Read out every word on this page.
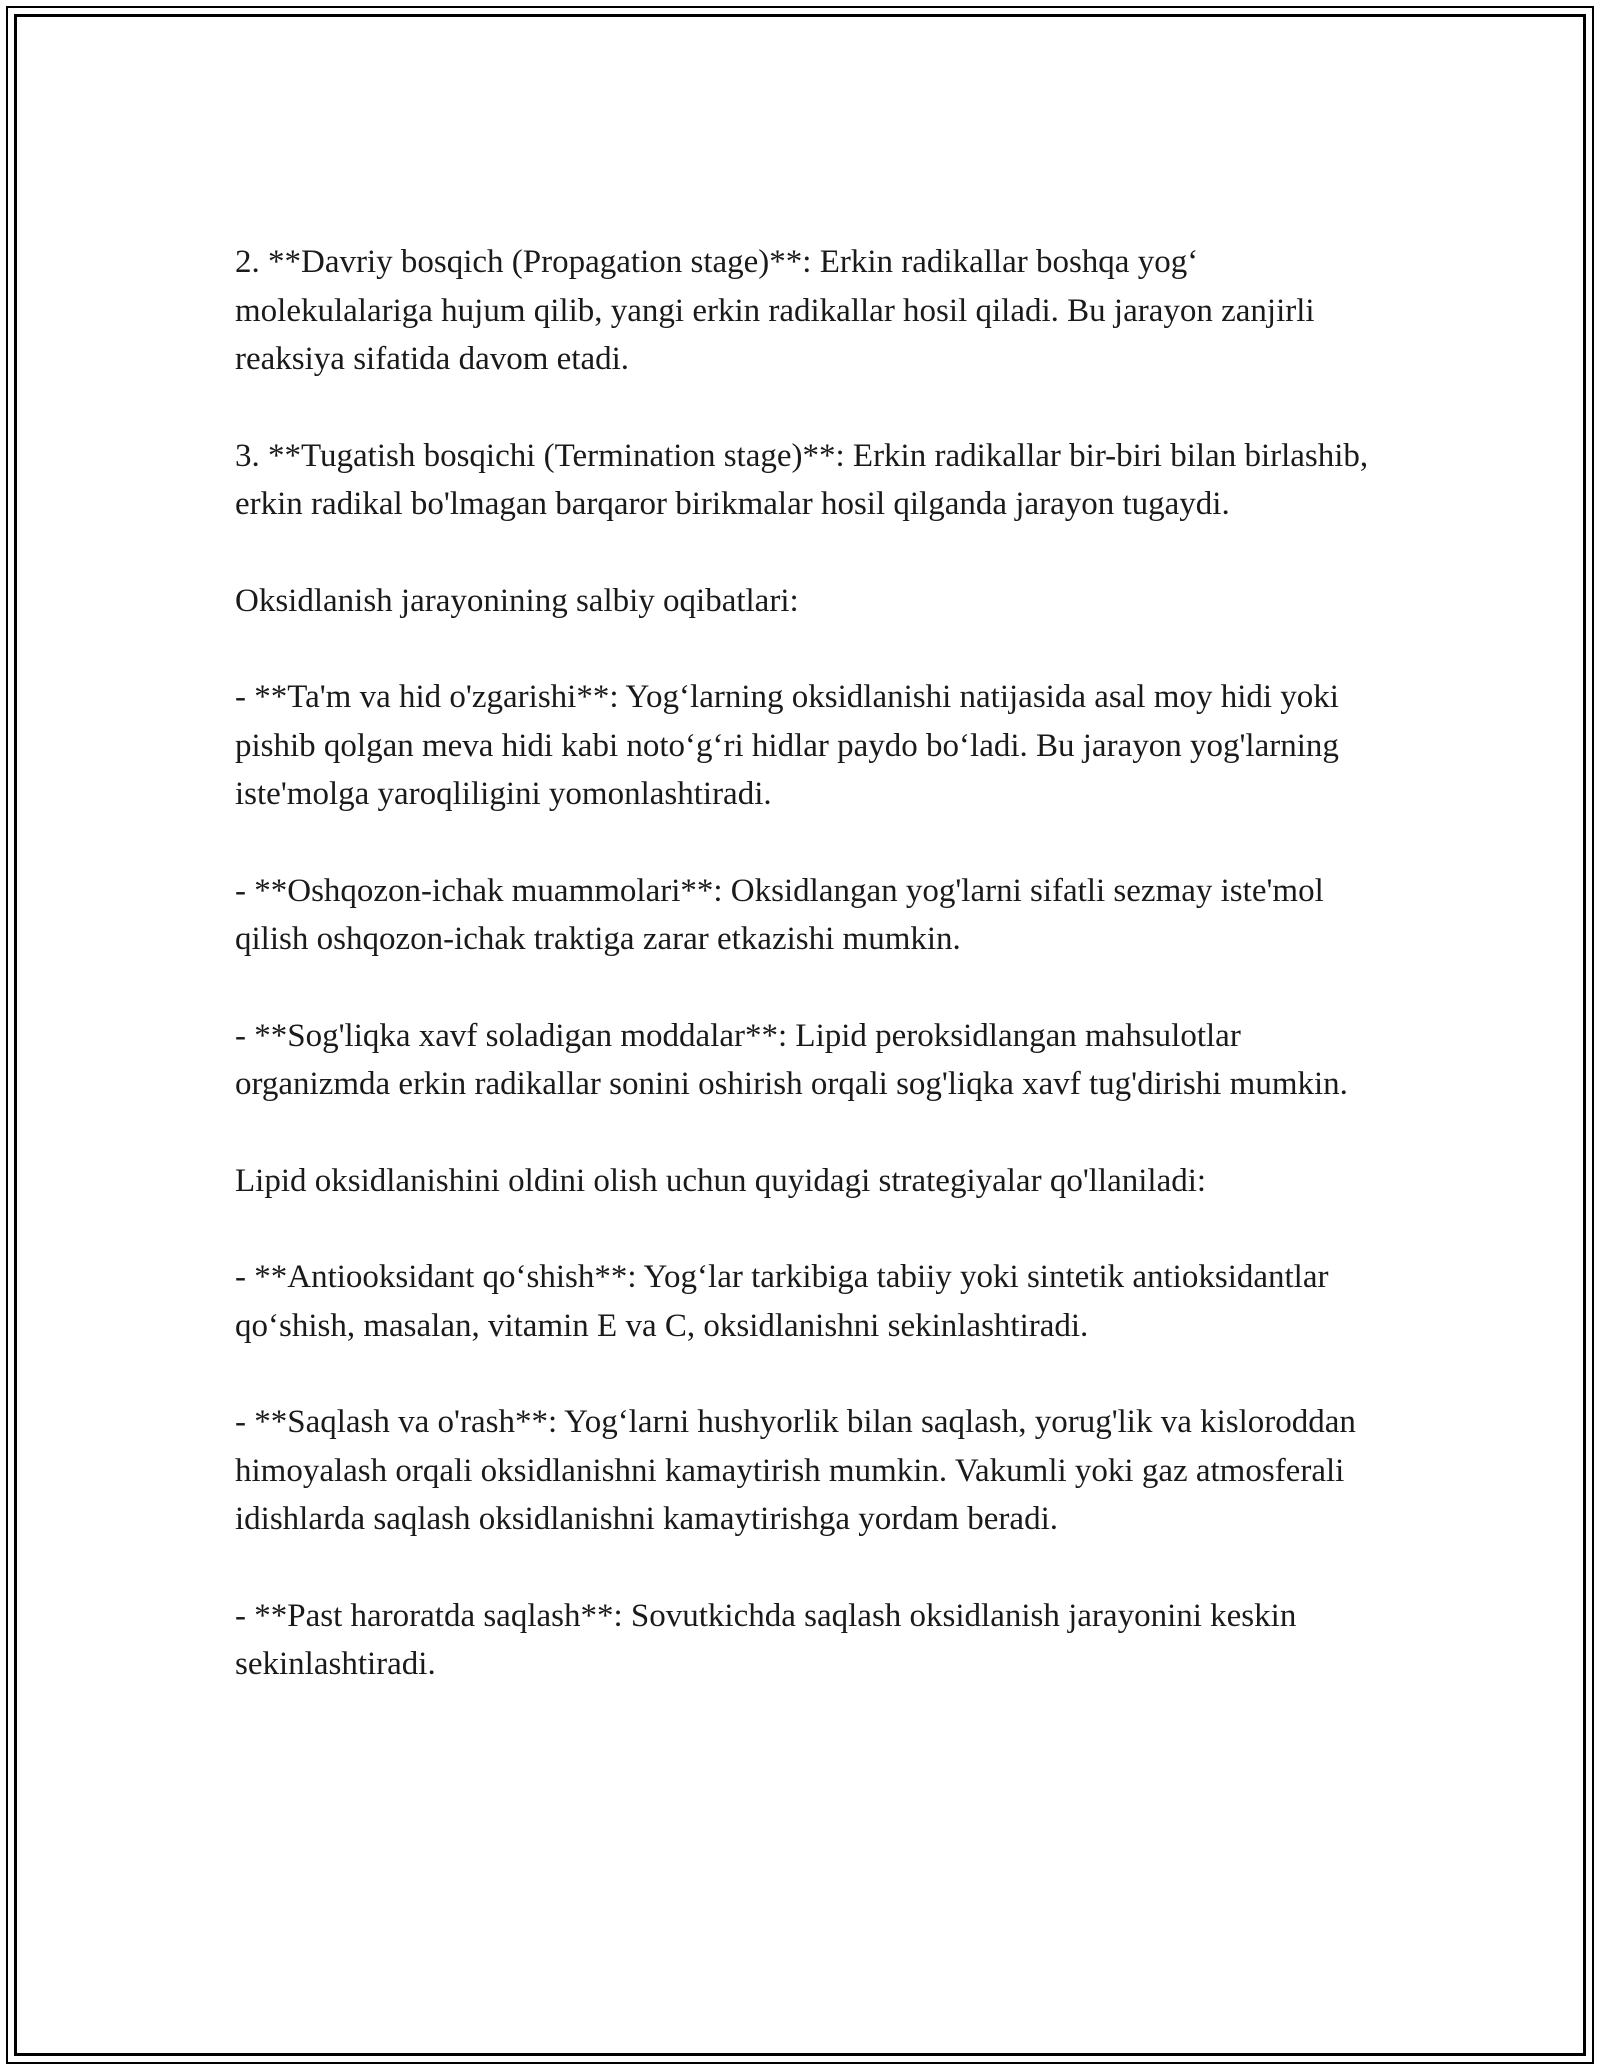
2. **Davriy bosqich (Propagation stage)**: Erkin radikallar boshqa yog‘ molekulalariga hujum qilib, yangi erkin radikallar hosil qiladi. Bu jarayon zanjirli reaksiya sifatida davom etadi.

3. **Tugatish bosqichi (Termination stage)**: Erkin radikallar bir-biri bilan birlashib, erkin radikal bo'lmagan barqaror birikmalar hosil qilganda jarayon tugaydi.

Oksidlanish jarayonining salbiy oqibatlari:

- **Ta'm va hid o'zgarishi**: Yog‘larning oksidlanishi natijasida asal moy hidi yoki pishib qolgan meva hidi kabi noto‘g‘ri hidlar paydo bo‘ladi. Bu jarayon yog'larning iste'molga yaroqliligini yomonlashtiradi.

- **Oshqozon-ichak muammolari**: Oksidlangan yog'larni sifatli sezmay iste'mol qilish oshqozon-ichak traktiga zarar etkazishi mumkin.

- **Sog'liqka xavf soladigan moddalar**: Lipid peroksidlangan mahsulotlar organizmda erkin radikallar sonini oshirish orqali sog'liqka xavf tug'dirishi mumkin.

Lipid oksidlanishini oldini olish uchun quyidagi strategiyalar qo'llaniladi:

- **Antiooksidant qo‘shish**: Yog‘lar tarkibiga tabiiy yoki sintetik antioksidantlar qo‘shish, masalan, vitamin E va C, oksidlanishni sekinlashtiradi.

- **Saqlash va o'rash**: Yog‘larni hushyorlik bilan saqlash, yorug'lik va kisloroddan himoyalash orqali oksidlanishni kamaytirish mumkin. Vakumli yoki gaz atmosferali idishlarda saqlash oksidlanishni kamaytirishga yordam beradi.

- **Past haroratda saqlash**: Sovutkichda saqlash oksidlanish jarayonini keskin sekinlashtiradi.
